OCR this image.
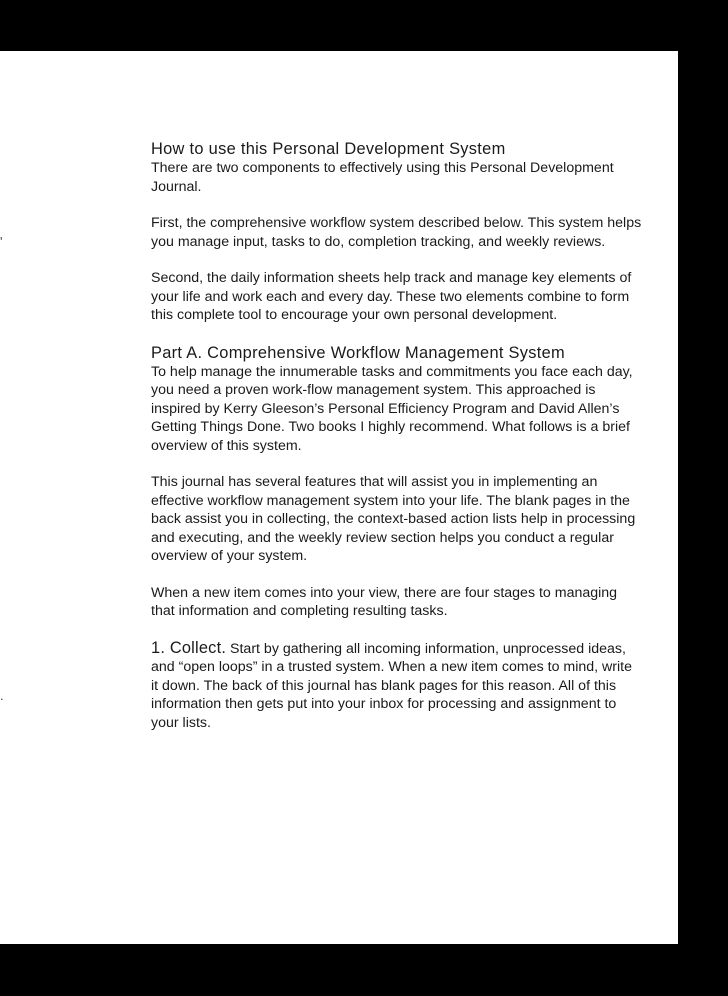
'
.
How to use this Personal Development System

There are two components to effectively using this Personal Development Journal.

First, the comprehensive workflow system described below. This system helps you manage input, tasks to do, completion tracking, and weekly reviews.

Second, the daily information sheets help track and manage key elements of your life and work each and every day. These two elements combine to form this complete tool to encourage your own personal development.

Part A. Comprehensive Workflow Management System

To help manage the innumerable tasks and commitments you face each day, you need a proven work-flow management system. This approached is inspired by Kerry Gleeson’s Personal Efficiency Program and David Allen’s Getting Things Done. Two books I highly recommend. What follows is a brief overview of this system.

This journal has several features that will assist you in implementing an effective workflow management system into your life. The blank pages in the back assist you in collecting, the context-based action lists help in processing and executing, and the weekly review section helps you conduct a regular overview of your system.

When a new item comes into your view, there are four stages to managing that information and completing resulting tasks.

1. Collect. Start by gathering all incoming information, unprocessed ideas, and “open loops” in a trusted system. When a new item comes to mind, write it down. The back of this journal has blank pages for this reason. All of this information then gets put into your inbox for processing and assignment to your lists.
